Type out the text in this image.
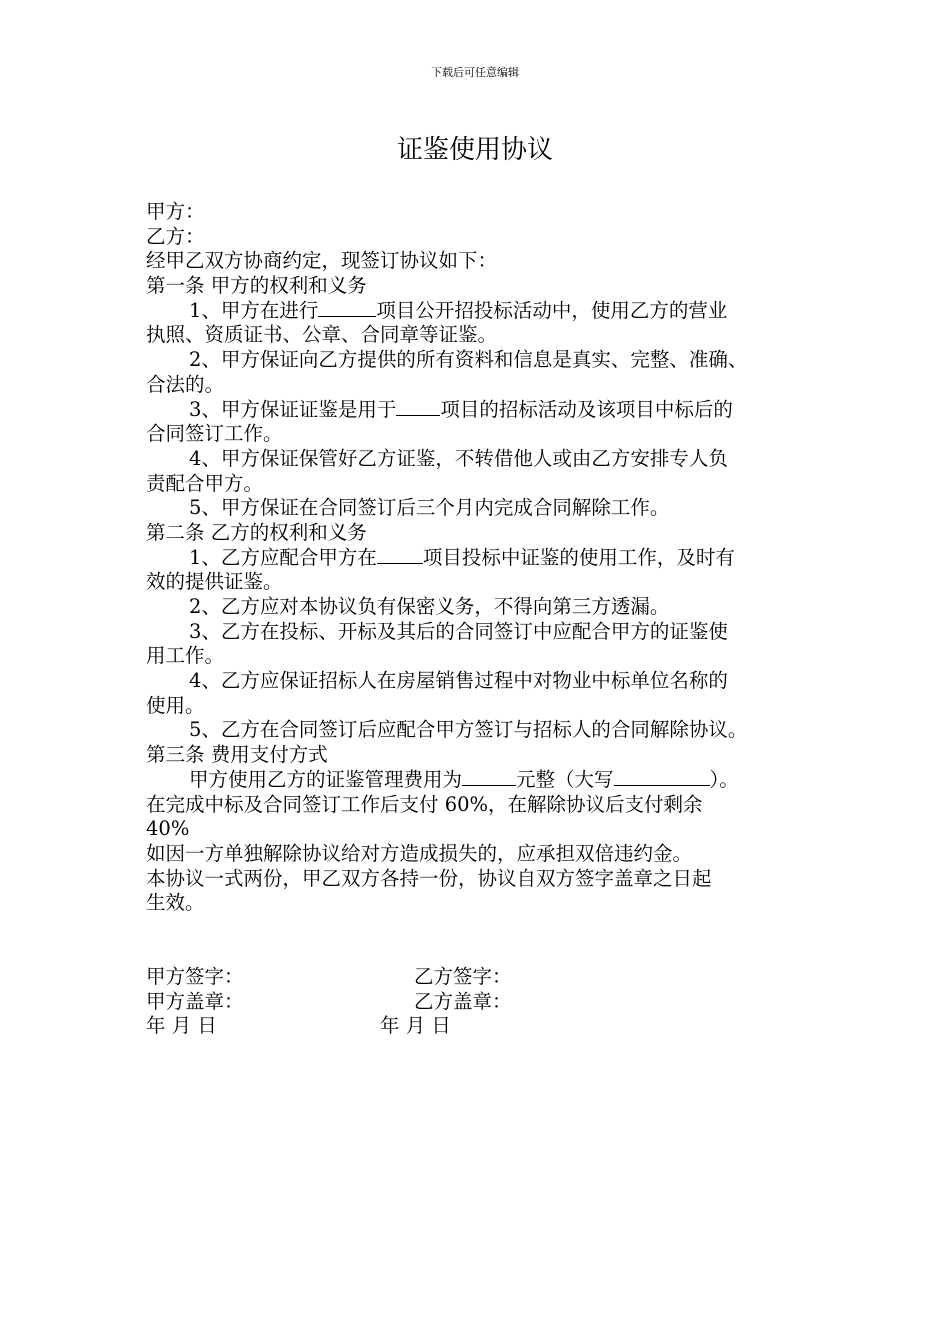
下载后可任意编辑
证鉴使用协议
甲方：
乙方：
经甲乙双方协商约定，现签订协议如下：
第一条 甲方的权利和义务
1、甲方在进行	项目公开招投标活动中，使用乙方的营业
执照、资质证书、公章、合同章等证鉴。
2、甲方保证向乙方提供的所有资料和信息是真实、完整、准确、
合法的。
3、甲方保证证鉴是用于 项目的招标活动及该项目中标后的
合同签订工作。
4、甲方保证保管好乙方证鉴，不转借他人或由乙方安排专人负
责配合甲方。
5、甲方保证在合同签订后三个月内完成合同解除工作。
第二条 乙方的权利和义务
1、乙方应配合甲方在 项目投标中证鉴的使用工作，及时有
效的提供证鉴。
2、乙方应对本协议负有保密义务，不得向第三方透漏。
3、乙方在投标、开标及其后的合同签订中应配合甲方的证鉴使
用工作。
4、乙方应保证招标人在房屋销售过程中对物业中标单位名称的
使用。
5、乙方在合同签订后应配合甲方签订与招标人的合同解除协议。
第三条 费用支付方式
甲方使用乙方的证鉴管理费用为	元整（大写	）。
在完成中标及合同签订工作后支付 60%，在解除协议后支付剩余
40%
如因一方单独解除协议给对方造成损失的，应承担双倍违约金。
本协议一式两份，甲乙双方各持一份，协议自双方签字盖章之日起
生效。
甲方签字：	乙方签字：
甲方盖章：	乙方盖章：
年 月 日	年 月 日
